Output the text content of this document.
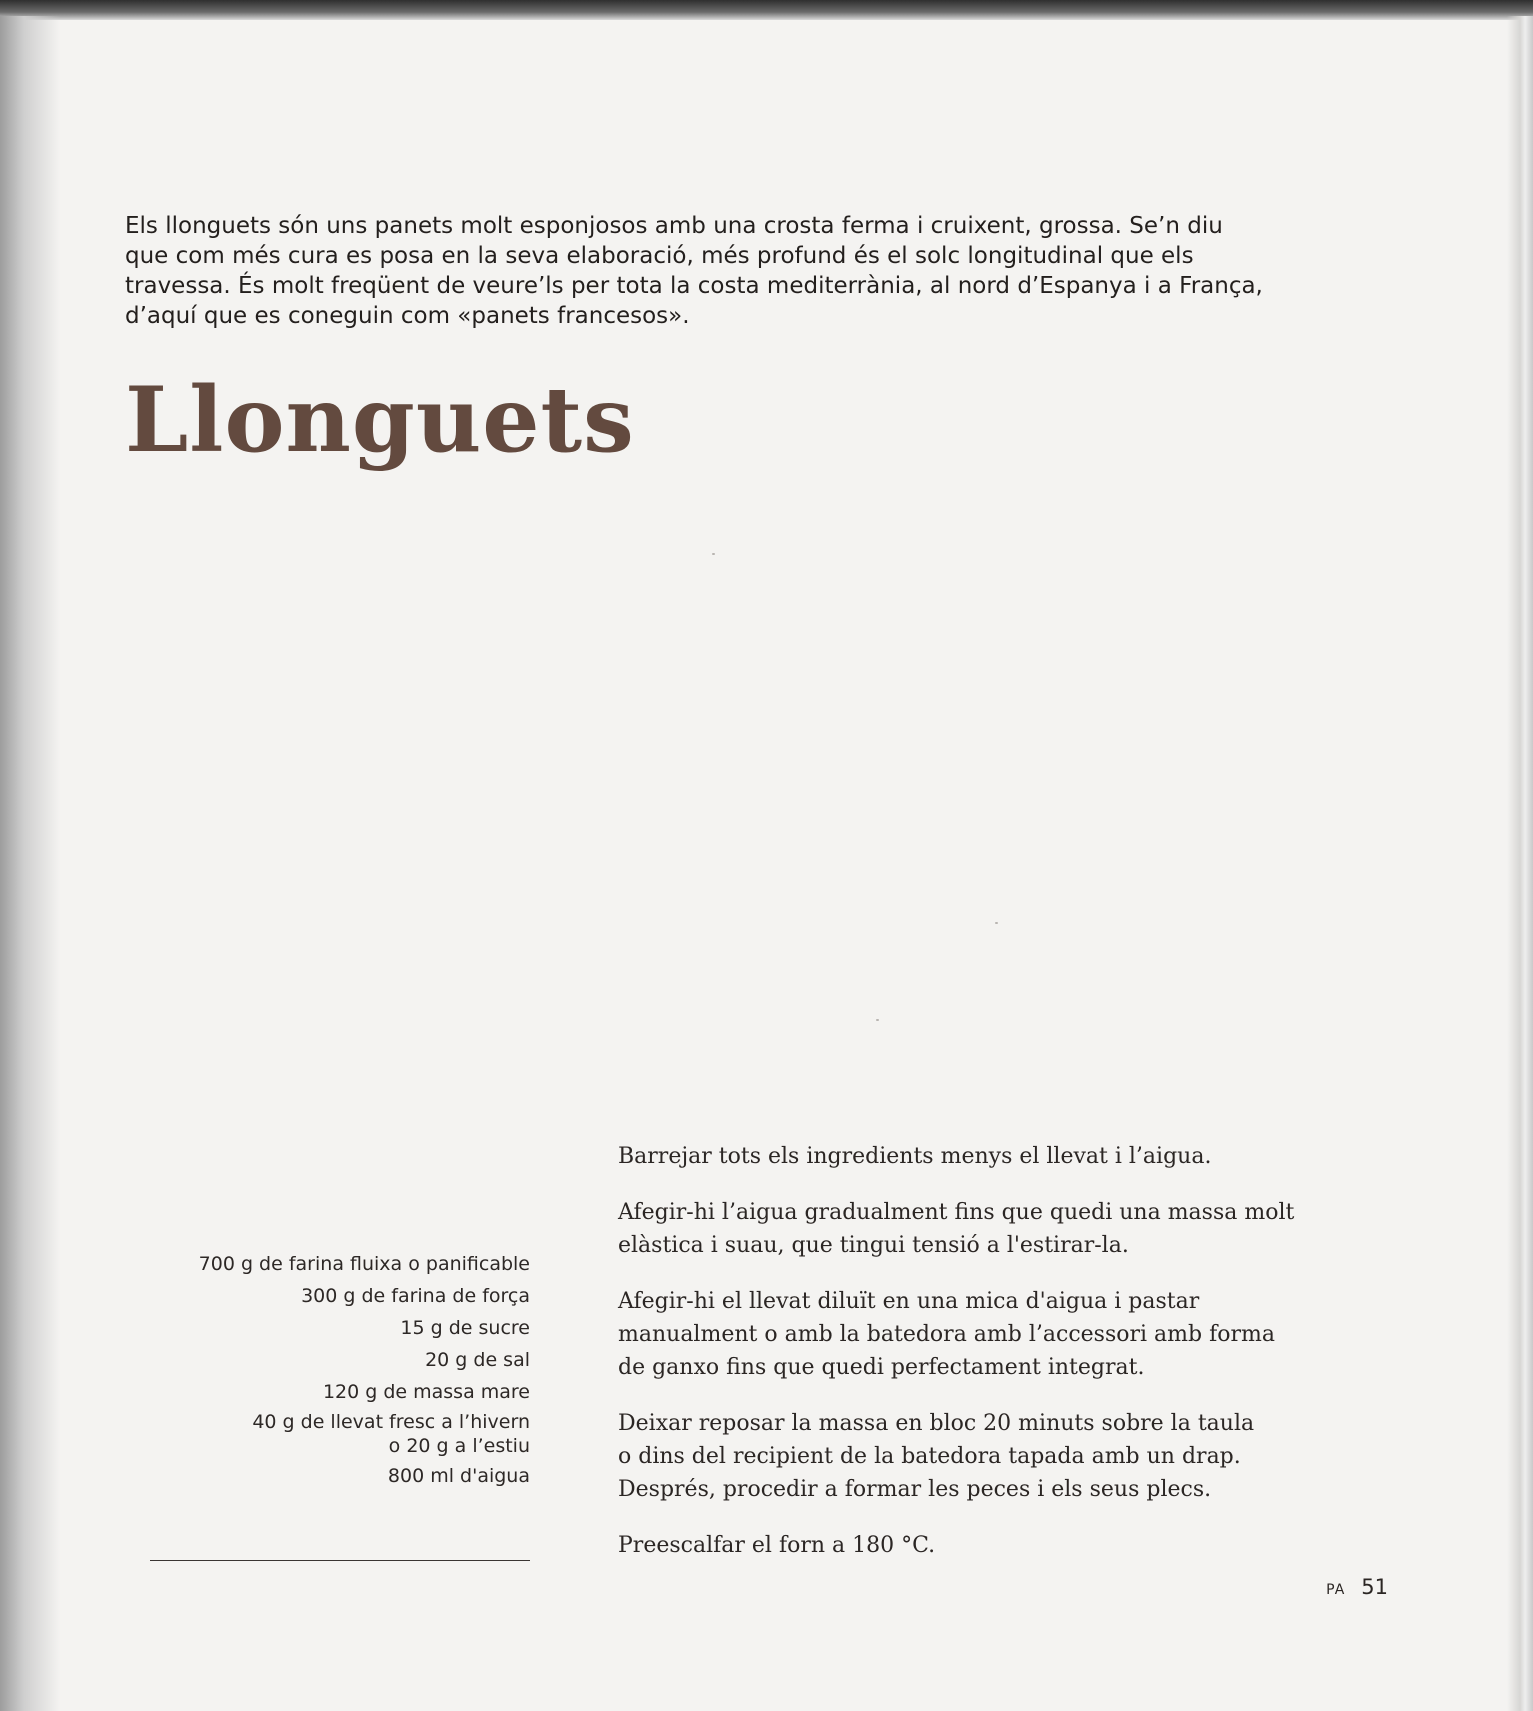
Els llonguets són uns panets molt esponjosos amb una crosta ferma i cruixent, grossa. Se’n diu
que com més cura es posa en la seva elaboració, més profund és el solc longitudinal que els
travessa. És molt freqüent de veure’ls per tota la costa mediterrània, al nord d’Espanya i a França,
d’aquí que es coneguin com «panets francesos».

Llonguets
700 g de farina fluixa o panificable
300 g de farina de força
15 g de sucre
20 g de sal
120 g de massa mare
40 g de llevat fresc a l’hivern
o 20 g a l’estiu
800 ml d'aigua

Barrejar tots els ingredients menys el llevat i l’aigua.

Afegir-hi l’aigua gradualment fins que quedi una massa molt
elàstica i suau, que tingui tensió a l'estirar-la.

Afegir-hi el llevat diluït en una mica d'aigua i pastar
manualment o amb la batedora amb l’accessori amb forma
de ganxo fins que quedi perfectament integrat.

Deixar reposar la massa en bloc 20 minuts sobre la taula
o dins del recipient de la batedora tapada amb un drap.
Després, procedir a formar les peces i els seus plecs.

Preescalfar el forn a 180 °C.

PA 51
